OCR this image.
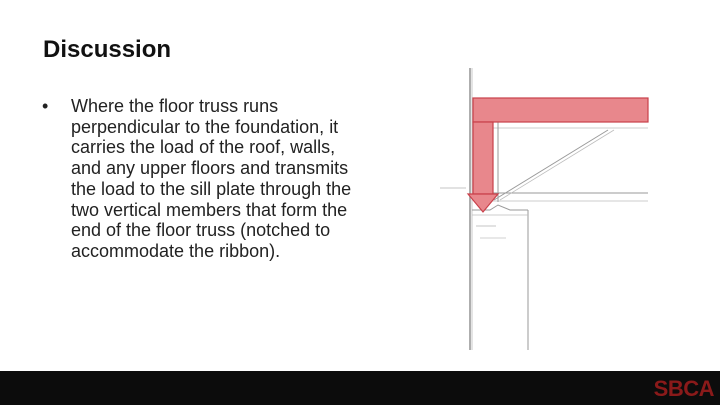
Discussion
• Where the floor truss runs perpendicular to the foundation, it carries the load of the roof, walls, and any upper floors and transmits the load to the sill plate through the two vertical members that form the end of the floor truss (notched to accommodate the ribbon).
SBCA
